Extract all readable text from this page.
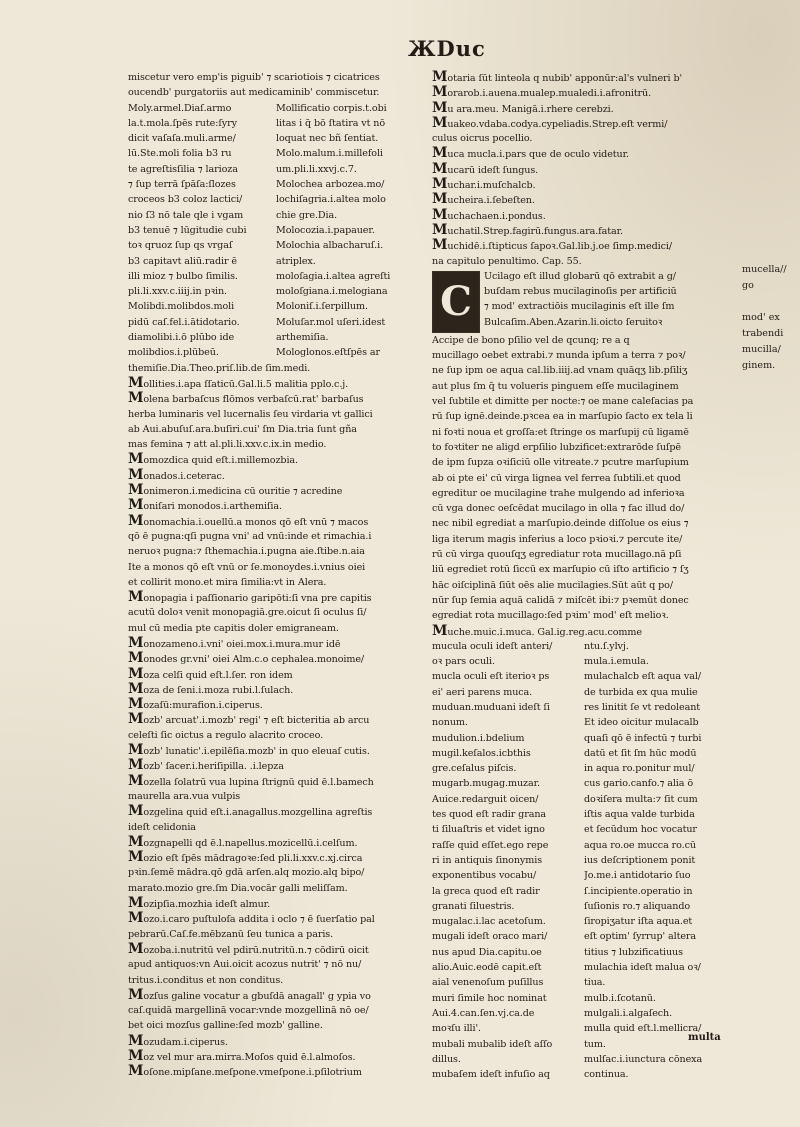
ЖDuc
miscetur vero emp'is piguib' ⁊ scariotiois ⁊ cicatrices
oucendb' purgatoriis aut medicaminib' commiscetur.
Moly.armel.Diaſ.armo	Mollificatio corpis.t.obi
la.t.mola.ſpēs rute:ſyry	litas i q̄ bō ſtatira vt nō
dicit vaſaſa.muli.arme/	loquat nec bñ ſentiat.
lū.Ste.moli folia b3 ru	Molo.malum.i.millefoli
te agreſtisſilia ⁊ larioza	um.pli.li.xxvj.c.7.
⁊ ſup terrā ſpāſa:ſlozes	Molochea arbozea.mo/
croceos b3 coloz lactici/	lochiſagria.i.altea molo
nio ſ3 nō tale qle i vgam	chie gre.Dia.
b3 tenuē ⁊ lūgitudie cubi	Molocozia.i.papauer.
toꝛ qruoz ſup qs vrgaſ	Molochia albacharuſ.i.
b3 capitavt aliū.radir ē	atriplex.
illi mioz ⁊ bulbo ſimilis.	moloſagia.i.altea agreſti
pli.li.xxv.c.iiij.in pꝛin.	moloſgiana.i.melogiana
Molibdi.molibdos.moli	Moloniſ.i.ſerpillum.
pidū caſ.fel.i.ātidotario.	Moluſar.mol uſeri.idest
diamolibi.i.ō plūbo ide	arthemiſia.
molibdios.i.plūbeū.	Mologlonos.eſtſpēs ar
themiſie.Dia.Theo.priſ.lib.de ſim.medi.
Mollities.i.apa ſſaticū.Gal.li.5 malitia pplo.c.j.
Molena barbaſcus flōmos verbaſcū.rat' barbaſus
herba luminaris vel lucernalis ſeu virdaria vt gallici
ab Aui.abuſuſ.ara.buſiri.cui' ſm Dia.tria ſunt gña
mas femina ⁊ att al.pli.li.xxv.c.ix.in medio.
Momozdica quid eſt.i.millemozbia.
Monados.i.ceterac.
Monimeron.i.medicina cū ouritie ⁊ acredine
Moniſari monodos.i.arthemiſia.
Monomachia.i.ouellū.a monos qō eſt vnū ⁊ macos
qō ē pugna:qſi pugna vni' ad vnū:inde et rimachia.i
neruoꝛ pugna:⁊ ſthemachia.i.pugna aie.ſtibe.n.aia
Ite a monos qō eſt vnū or ſe.monoydes.i.vnius oiei
et collirit mono.et mira ſimilia:vt in Alera.
Monopagia i paſſionario garipōti:ſi vna pre capitis
acutū doloꝛ venit monopagiā.gre.oicut ſi oculus ſi/
mul cū media pte capitis doler emigraneam.
Monozameno.i.vni' oiei.mox.i.mura.mur idē
Monodes gr.vni' oiei Alm.c.o cephalea.monoime/
Moza celſi quid eſt.l.ſer. ron idem
Moza de ſeni.i.moza rubi.l.ſulach.
Mozaſū:murafion.i.ciperus.
Mozb' arcuat'.i.mozb' regi' ⁊ eſt bicteritia ab arcu
celeſti ſic oictus a regulo alacrito croceo.
Mozb' lunatic'.i.epilēſia.mozb' in quo eleuaſ cutis.
Mozb' ſacer.i.heriſipilla. .i.lepza
Mozella ſolatrū vua lupina ſtrignū quid ē.l.bamech
maurella ara.vua vulpis
Mozgelina quid eſt.i.anagallus.mozgellina agreſtis
ideſt celidonia
Mozgnapelli qd ē.l.napellus.mozicellū.i.celſum.
Mozio eſt ſpēs mādragoꝛe:ſed pli.li.xxv.c.xj.circa
pꝛin.ſemē mādra.qō gdā arſen.alq mozio.alq bipo/
marato.mozio gre.ſm Dia.vocār galli meliſſam.
Mozipſia.mozhia ideſt almur.
Mozo.i.caro puſtuloſa addita i oclo ⁊ ē ſuerſatio pal
pebrarū.Caſ.fe.mēbzanū ſeu tunica a paris.
Mozoba.i.nutritū vel pdirū.nutritū.n.⁊ cōdirū oicit
apud antiquos:vn Aui.oicit acozus nutrit' ⁊ nō nu/
tritus.i.conditus et non conditus.
Mozſus galine vocatur a gbuſdā anagall' g ypia vo
caſ.quidā margellinā vocar:vnde mozgellinā nō oe/
bet oici mozſus galline:ſed mozb' galline.
Mozudam.i.ciperus.
Moz vel mur ara.mirra.Moſos quid ē.l.almoſos.
Moſone.mipſane.meſpone.vmeſpone.i.pſilotrium
Motaria ſūt linteola q nubib' apponūr:al's vulneri b'
Morarob.i.auena.mualep.mualedi.i.afronitrū.
Mu ara.meu. Manigā.i.rhere cerebzi.
Muakeo.vdaba.codya.cypeliadis.Strep.eſt vermi/
culus oicrus pocellio.
Muca mucla.i.pars que de oculo videtur.
Mucarū ideſt ſungus.
Muchar.i.muſchalcb.
Mucheira.i.ſebeſten.
Muchachaen.i.pondus.
Muchatil.Strep.fagirū.fungus.ara.fatar.
Muchidē.i.ſtipticus ſapoꝛ.Gal.lib.j.oe ſimp.medici/
na capitulo penultimo. Cap. 55.
C
Ucilago eſt illud globarū qō extrabit a g/
buſdam rebus mucilaginoſis per artificiū
⁊ mod' extractiōis mucilaginis eſt ille ſm
Bulcaſim.Aben.Azarin.li.oicto ſeruitoꝛ
Accipe de bono pſilio vel de qcunq; re a q
mucillago oebet extrabi.⁊ munda ipſum a terra ⁊ poꝛ/
ne ſup ipm oe aqua cal.lib.iiij.ad vnam quāqʒ lib.pſiliʒ
aut plus ſm q̄ tu volueris pinguem eſſe mucilaginem
vel ſubtile et dimitte per nocte:⁊ oe mane caleſacias pa
rū ſup ignē.deinde.pꝛcea ea in marſupio ſacto ex tela li
ni foꝛti noua et groſſa:et ſtringe os marſupij cū ligamē
to foꝛtiter ne aligd erpſilio lubzificet:extrarōde ſuſpē
de ipm ſupza oꝛiſiciū olle vitreate.⁊ pcutre marſupium
ab oi pte ei' cū virga lignea vel ferrea ſubtili.et quod
egreditur oe mucilagine trahe mulgendo ad inferioꝛa
cū vga donec oeſcēdat mucilago in olla ⁊ fac illud do/
nec nibil egrediat a marſupio.deinde diſſolue os eius ⁊
liga iterum magis inferius a loco pꝛioꝛi.⁊ percute ite/
rū cū virga quouſqʒ egrediatur rota mucillago.nā pſi
liū egrediet rotū ſiccū ex marſupio cū iſto artificio ⁊ ſʒ
hāc oiſciplinā ſiūt oēs alie mucilagies.Sūt aūt q po/
nūr ſup ſemia aquā calidā ⁊ miſcēt ibi:⁊ pꝛemūt donec
egrediat rota mucillago:ſed pꝛim' mod' eſt melioꝛ.
Muche.muic.i.muca. Gal.ig.reg.acu.comme
mucula oculi ideſt anteri/	ntu.ſ.ylvj.
oꝛ pars oculi.	mula.i.emula.
mucla oculi eſt iterioꝛ ps	mulachalcb eſt aqua val/
ei' aeri parens muca.	de turbida ex qua mulie
muduan.muduani ideſt ſi	res linitit ſe vt redoleant
nonum.	Et ideo oicitur mulacalb
mudulion.i.bdelium	quaſi qō ē infectū ⁊ turbi
mugil.keſalos.icbthis	datū et ſit ſm hūc modū
gre.ceſalus piſcis.	in aqua ro.ponitur mul/
mugarb.mugag.muzar.	cus gario.canfo.⁊ alia ō
Auice.redarguit oicen/	doꝛiſera multa:⁊ ſit cum
tes quod eſt radir grana	iſtis aqua valde turbida
ti ſiluaſtris et videt igno	et ſecūdum hoc vocatur
raſſe quid eſſet.ego repe	aqua ro.oe mucca ro.cū
ri in antiquis ſinonymis	ius deſcriptionem ponit
exponentibus vocabu/	Jo.me.i antidotario ſuo
la greca quod eſt radir	ſ.incipiente.operatio in
granati ſiluestris.	ſuſionis ro.⁊ aliquando
mugalac.i.lac acetoſum.	ſiropiʒatur iſta aqua.et
mugali ideſt oraco mari/	eſt optim' ſyrrup' altera
nus apud Dia.capitu.oe	titius ⁊ lubzificatiuus
alio.Auic.eodē capit.eſt	mulachia ideſt malua oꝛ/
aial venenoſum puſillus	tiua.
muri ſimile hoc nominat	mulb.i.ſcotanū.
Aui.4.can.ſen.vj.ca.de	mulgali.i.algaſech.
moꝛſu illi'.	mulla quid eſt.l.mellicra/
mubali mubalib ideſt aſſo	tum.
dillus.	mulſac.i.iunctura cōnexa
mubaſem ideſt infuſio aq	continua.
mucella//
go
mod' ex
trabendi
mucilla/
ginem.
multa
